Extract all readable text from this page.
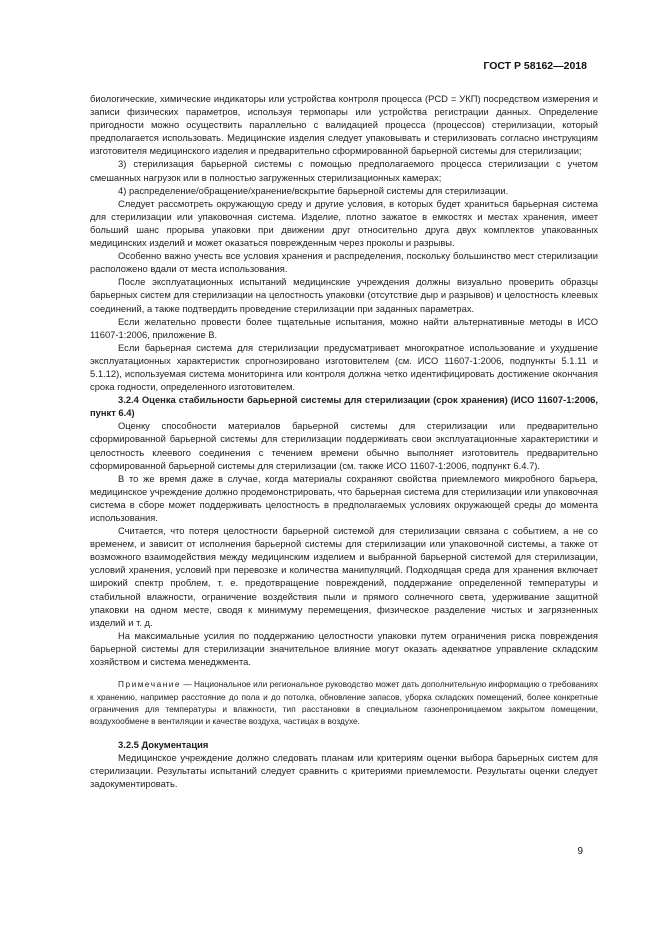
ГОСТ Р 58162—2018

биологические, химические индикаторы или устройства контроля процесса (PCD = УКП) посредством измерения и записи физических параметров, используя термопары или устройства регистрации данных. Определение пригодности можно осуществить параллельно с валидацией процесса (процессов) стерилизации, который предполагается использовать. Медицинские изделия следует упаковывать и стерилизовать согласно инструкциям изготовителя медицинского изделия и предварительно сформированной барьерной системы для стерилизации;

3) стерилизация барьерной системы с помощью предполагаемого процесса стерилизации с учетом смешанных нагрузок или в полностью загруженных стерилизационных камерах;

4) распределение/обращение/хранение/вскрытие барьерной системы для стерилизации.

Следует рассмотреть окружающую среду и другие условия, в которых будет храниться барьерная система для стерилизации или упаковочная система. Изделие, плотно зажатое в емкостях и местах хранения, имеет больший шанс прорыва упаковки при движении друг относительно друга двух комплектов упакованных медицинских изделий и может оказаться поврежденным через проколы и разрывы.

Особенно важно учесть все условия хранения и распределения, поскольку большинство мест стерилизации расположено вдали от места использования.

После эксплуатационных испытаний медицинские учреждения должны визуально проверить образцы барьерных систем для стерилизации на целостность упаковки (отсутствие дыр и разрывов) и целостность клеевых соединений, а также подтвердить проведение стерилизации при заданных параметрах.

Если желательно провести более тщательные испытания, можно найти альтернативные методы в ИСО 11607-1:2006, приложение В.

Если барьерная система для стерилизации предусматривает многократное использование и ухудшение эксплуатационных характеристик спрогнозировано изготовителем (см. ИСО 11607-1:2006, подпункты 5.1.11 и 5.1.12), используемая система мониторинга или контроля должна четко идентифицировать достижение окончания срока годности, определенного изготовителем.

3.2.4 Оценка стабильности барьерной системы для стерилизации (срок хранения) (ИСО 11607-1:2006, пункт 6.4)

Оценку способности материалов барьерной системы для стерилизации или предварительно сформированной барьерной системы для стерилизации поддерживать свои эксплуатационные характеристики и целостность клеевого соединения с течением времени обычно выполняет изготовитель предварительно сформированной барьерной системы для стерилизации (см. также ИСО 11607-1:2006, подпункт 6.4.7).

В то же время даже в случае, когда материалы сохраняют свойства приемлемого микробного барьера, медицинское учреждение должно продемонстрировать, что барьерная система для стерилизации или упаковочная система в сборе может поддерживать целостность в предполагаемых условиях окружающей среды до момента использования.

Считается, что потеря целостности барьерной системой для стерилизации связана с событием, а не со временем, и зависит от исполнения барьерной системы для стерилизации или упаковочной системы, а также от возможного взаимодействия между медицинским изделием и выбранной барьерной системой для стерилизации, условий хранения, условий при перевозке и количества манипуляций. Подходящая среда для хранения включает широкий спектр проблем, т. е. предотвращение повреждений, поддержание определенной температуры и стабильной влажности, ограничение воздействия пыли и прямого солнечного света, удерживание защитной упаковки на одном месте, сводя к минимуму перемещения, физическое разделение чистых и загрязненных изделий и т. д.

На максимальные усилия по поддержанию целостности упаковки путем ограничения риска повреждения барьерной системы для стерилизации значительное влияние могут оказать адекватное управление складским хозяйством и система менеджмента.

Примечание — Национальное или региональное руководство может дать дополнительную информацию о требованиях к хранению, например расстояние до пола и до потолка, обновление запасов, уборка складских помещений, более конкретные ограничения для температуры и влажности, тип расстановки в специальном газонепроницаемом закрытом помещении, воздухообмене в вентиляции и качестве воздуха, частицах в воздухе.

3.2.5 Документация

Медицинское учреждение должно следовать планам или критериям оценки выбора барьерных систем для стерилизации. Результаты испытаний следует сравнить с критериями приемлемости. Результаты оценки следует задокументировать.

9
